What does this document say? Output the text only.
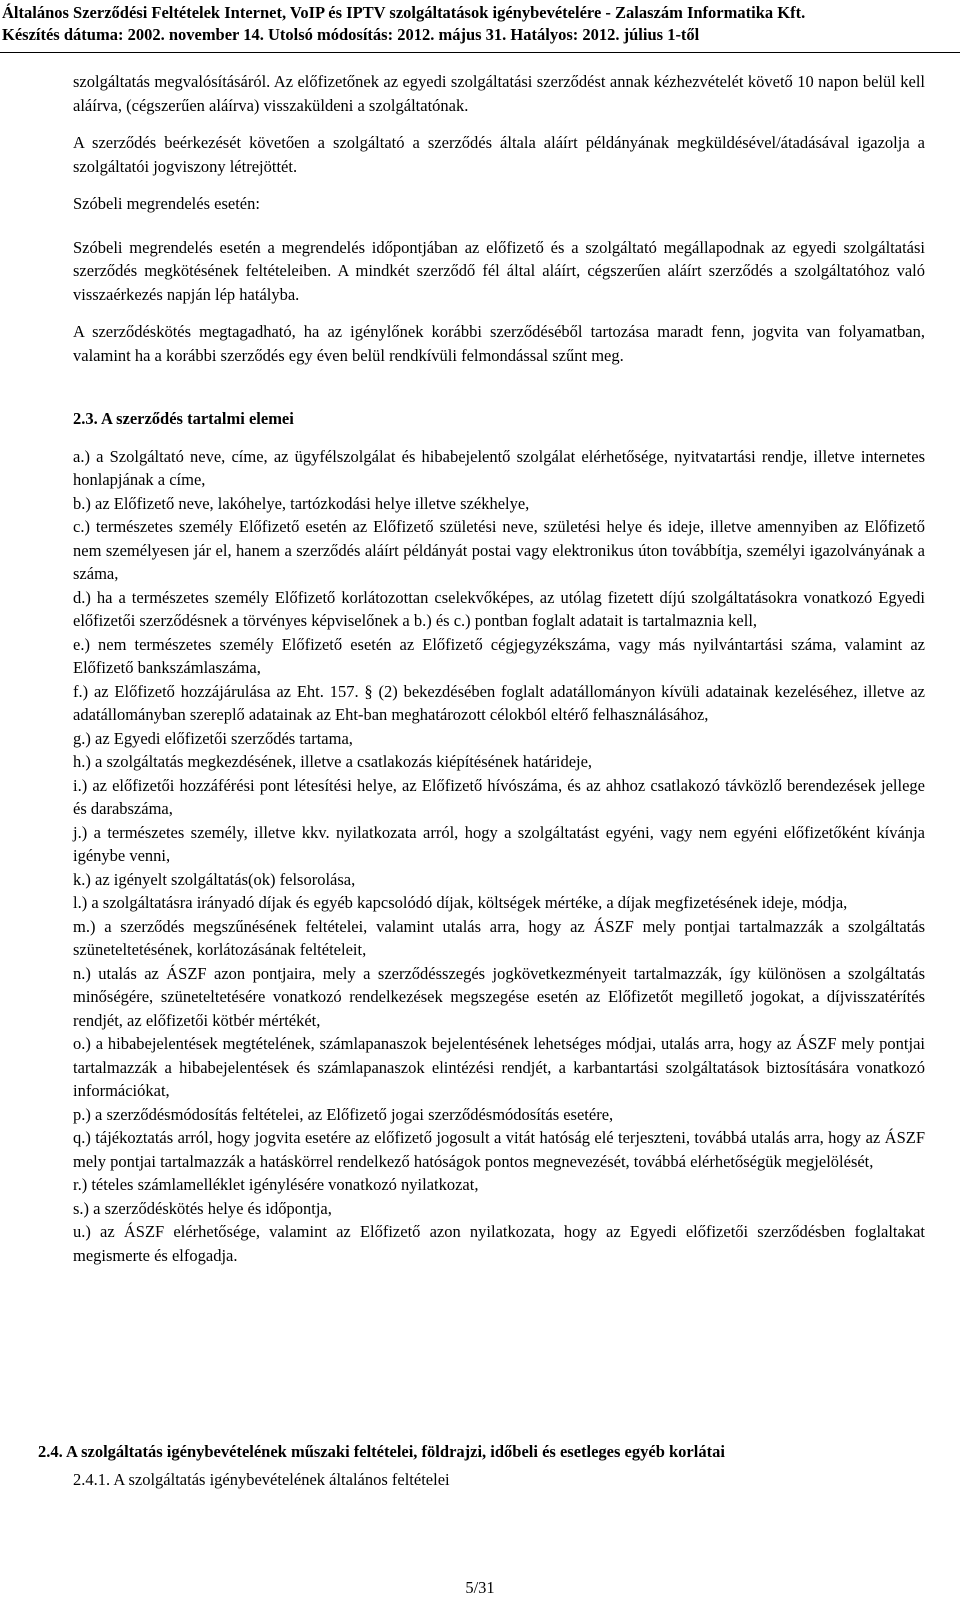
Általános Szerződési Feltételek Internet, VoIP és IPTV szolgáltatások igénybevételére - Zalaszám Informatika Kft.
Készítés dátuma: 2002. november 14. Utolsó módosítás: 2012. május 31. Hatályos: 2012. július 1-től

szolgáltatás megvalósításáról. Az előfizetőnek az egyedi szolgáltatási szerződést annak kézhezvételét követő 10 napon belül kell aláírva, (cégszerűen aláírva) visszaküldeni a szolgáltatónak.

A szerződés beérkezését követően a szolgáltató a szerződés általa aláírt példányának megküldésével/átadásával igazolja a szolgáltatói jogviszony létrejöttét.

Szóbeli megrendelés esetén:

Szóbeli megrendelés esetén a megrendelés időpontjában az előfizető és a szolgáltató megállapodnak az egyedi szolgáltatási szerződés megkötésének feltételeiben. A mindkét szerződő fél által aláírt, cégszerűen aláírt szerződés a szolgáltatóhoz való visszaérkezés napján lép hatályba.

A szerződéskötés megtagadható, ha az igénylőnek korábbi szerződéséből tartozása maradt fenn, jogvita van folyamatban, valamint ha a korábbi szerződés egy éven belül rendkívüli felmondással szűnt meg.

2.3. A szerződés tartalmi elemei

a.) a Szolgáltató neve, címe, az ügyfélszolgálat és hibabejelentő szolgálat elérhetősége, nyitvatartási rendje, illetve internetes honlapjának a címe,

b.) az Előfizető neve, lakóhelye, tartózkodási helye illetve székhelye,

c.) természetes személy Előfizető esetén az Előfizető születési neve, születési helye és ideje, illetve amennyiben az Előfizető nem személyesen jár el, hanem a szerződés aláírt példányát postai vagy elektronikus úton továbbítja, személyi igazolványának a száma,

d.) ha a természetes személy Előfizető korlátozottan cselekvőképes, az utólag fizetett díjú szolgáltatásokra vonatkozó Egyedi előfizetői szerződésnek a törvényes képviselőnek a b.) és c.) pontban foglalt adatait is tartalmaznia kell,

e.) nem természetes személy Előfizető esetén az Előfizető cégjegyzékszáma, vagy más nyilvántartási száma, valamint az Előfizető bankszámlaszáma,

f.) az Előfizető hozzájárulása az Eht. 157. § (2) bekezdésében foglalt adatállományon kívüli adatainak kezeléséhez, illetve az adatállományban szereplő adatainak az Eht-ban meghatározott célokból eltérő felhasználásához,

g.) az Egyedi előfizetői szerződés tartama,

h.) a szolgáltatás megkezdésének, illetve a csatlakozás kiépítésének határideje,

i.) az előfizetői hozzáférési pont létesítési helye, az Előfizető hívószáma, és az ahhoz csatlakozó távközlő berendezések jellege és darabszáma,

j.) a természetes személy, illetve kkv. nyilatkozata arról, hogy a szolgáltatást egyéni, vagy nem egyéni előfizetőként kívánja igénybe venni,

k.) az igényelt szolgáltatás(ok) felsorolása,

l.) a szolgáltatásra irányadó díjak és egyéb kapcsolódó díjak, költségek mértéke, a díjak megfizetésének ideje, módja,

m.) a szerződés megszűnésének feltételei, valamint utalás arra, hogy az ÁSZF mely pontjai tartalmazzák a szolgáltatás szüneteltetésének, korlátozásának feltételeit,

n.) utalás az ÁSZF azon pontjaira, mely a szerződésszegés jogkövetkezményeit tartalmazzák, így különösen a szolgáltatás minőségére, szüneteltetésére vonatkozó rendelkezések megszegése esetén az Előfizetőt megillető jogokat, a díjvisszatérítés rendjét, az előfizetői kötbér mértékét,

o.) a hibabejelentések megtételének, számlapanaszok bejelentésének lehetséges módjai, utalás arra, hogy az ÁSZF mely pontjai tartalmazzák a hibabejelentések és számlapanaszok elintézési rendjét, a karbantartási szolgáltatások biztosítására vonatkozó információkat,

p.) a szerződésmódosítás feltételei, az Előfizető jogai szerződésmódosítás esetére,

q.) tájékoztatás arról, hogy jogvita esetére az előfizető jogosult a vitát hatóság elé terjeszteni, továbbá utalás arra, hogy az ÁSZF mely pontjai tartalmazzák a hatáskörrel rendelkező hatóságok pontos megnevezését, továbbá elérhetőségük megjelölését,

r.) tételes számlamelléklet igénylésére vonatkozó nyilatkozat,

s.) a szerződéskötés helye és időpontja,

u.) az ÁSZF elérhetősége, valamint az Előfizető azon nyilatkozata, hogy az Egyedi előfizetői szerződésben foglaltakat megismerte és elfogadja.

2.4. A szolgáltatás igénybevételének műszaki feltételei, földrajzi, időbeli és esetleges egyéb korlátai
2.4.1. A szolgáltatás igénybevételének általános feltételei
5/31
